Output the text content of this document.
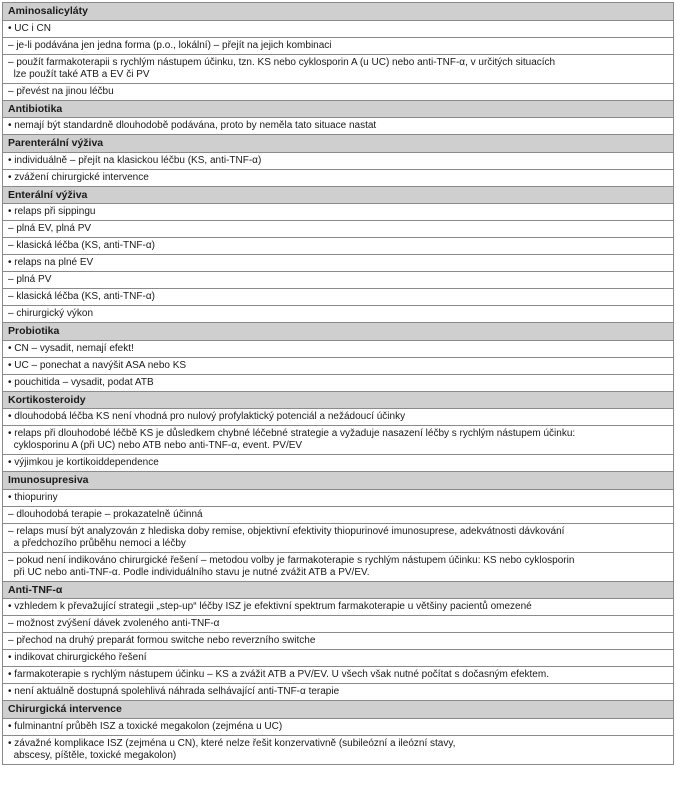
Aminosalicyláty

• UC i CN

– je-li podávána jen jedna forma (p.o., lokální) – přejít na jejich kombinaci

– použít farmakoterapii s rychlým nástupem účinku, tzn. KS nebo cyklosporin A (u UC) nebo anti-TNF-α, v určitých situacích
lze použít také ATB a EV či PV

– převést na jinou léčbu

Antibiotika

• nemají být standardně dlouhodobě podávána, proto by neměla tato situace nastat

Parenterální výživa

• individuálně – přejít na klasickou léčbu (KS, anti-TNF-α)

• zvážení chirurgické intervence

Enterální výživa

• relaps při sippingu

– plná EV, plná PV

– klasická léčba (KS, anti-TNF-α)

• relaps na plné EV

– plná PV

– klasická léčba (KS, anti-TNF-α)

– chirurgický výkon

Probiotika

• CN – vysadit, nemají efekt!

• UC – ponechat a navýšit ASA nebo KS

• pouchitida – vysadit, podat ATB

Kortikosteroidy

• dlouhodobá léčba KS není vhodná pro nulový profylaktický potenciál a nežádoucí účinky

• relaps při dlouhodobé léčbě KS je důsledkem chybné léčebné strategie a vyžaduje nasazení léčby s rychlým nástupem účinku:
cyklosporinu A (při UC) nebo ATB nebo anti-TNF-α, event. PV/EV

• výjimkou je kortikoiddependence

Imunosupresiva

• thiopuriny

– dlouhodobá terapie – prokazatelně účinná

– relaps musí být analyzován z hlediska doby remise, objektivní efektivity thiopurinové imunosuprese, adekvátnosti dávkování
a předchozího průběhu nemoci a léčby

– pokud není indikováno chirurgické řešení – metodou volby je farmakoterapie s rychlým nástupem účinku: KS nebo cyklosporin
při UC nebo anti-TNF-α. Podle individuálního stavu je nutné zvážit ATB a PV/EV.

Anti-TNF-α

• vzhledem k převažující strategii „step-up“ léčby ISZ je efektivní spektrum farmakoterapie u většiny pacientů omezené

– možnost zvýšení dávek zvoleného anti-TNF-α

– přechod na druhý preparát formou switche nebo reverzního switche

• indikovat chirurgického řešení

• farmakoterapie s rychlým nástupem účinku – KS a zvážit ATB a PV/EV. U všech však nutné počítat s dočasným efektem.

• není aktuálně dostupná spolehlivá náhrada selhávající anti-TNF-α terapie

Chirurgická intervence

• fulminantní průběh ISZ a toxické megakolon (zejména u UC)

• závažné komplikace ISZ (zejména u CN), které nelze řešit konzervativně (subileózní a ileózní stavy,
abscesy, píštěle, toxické megakolon)
